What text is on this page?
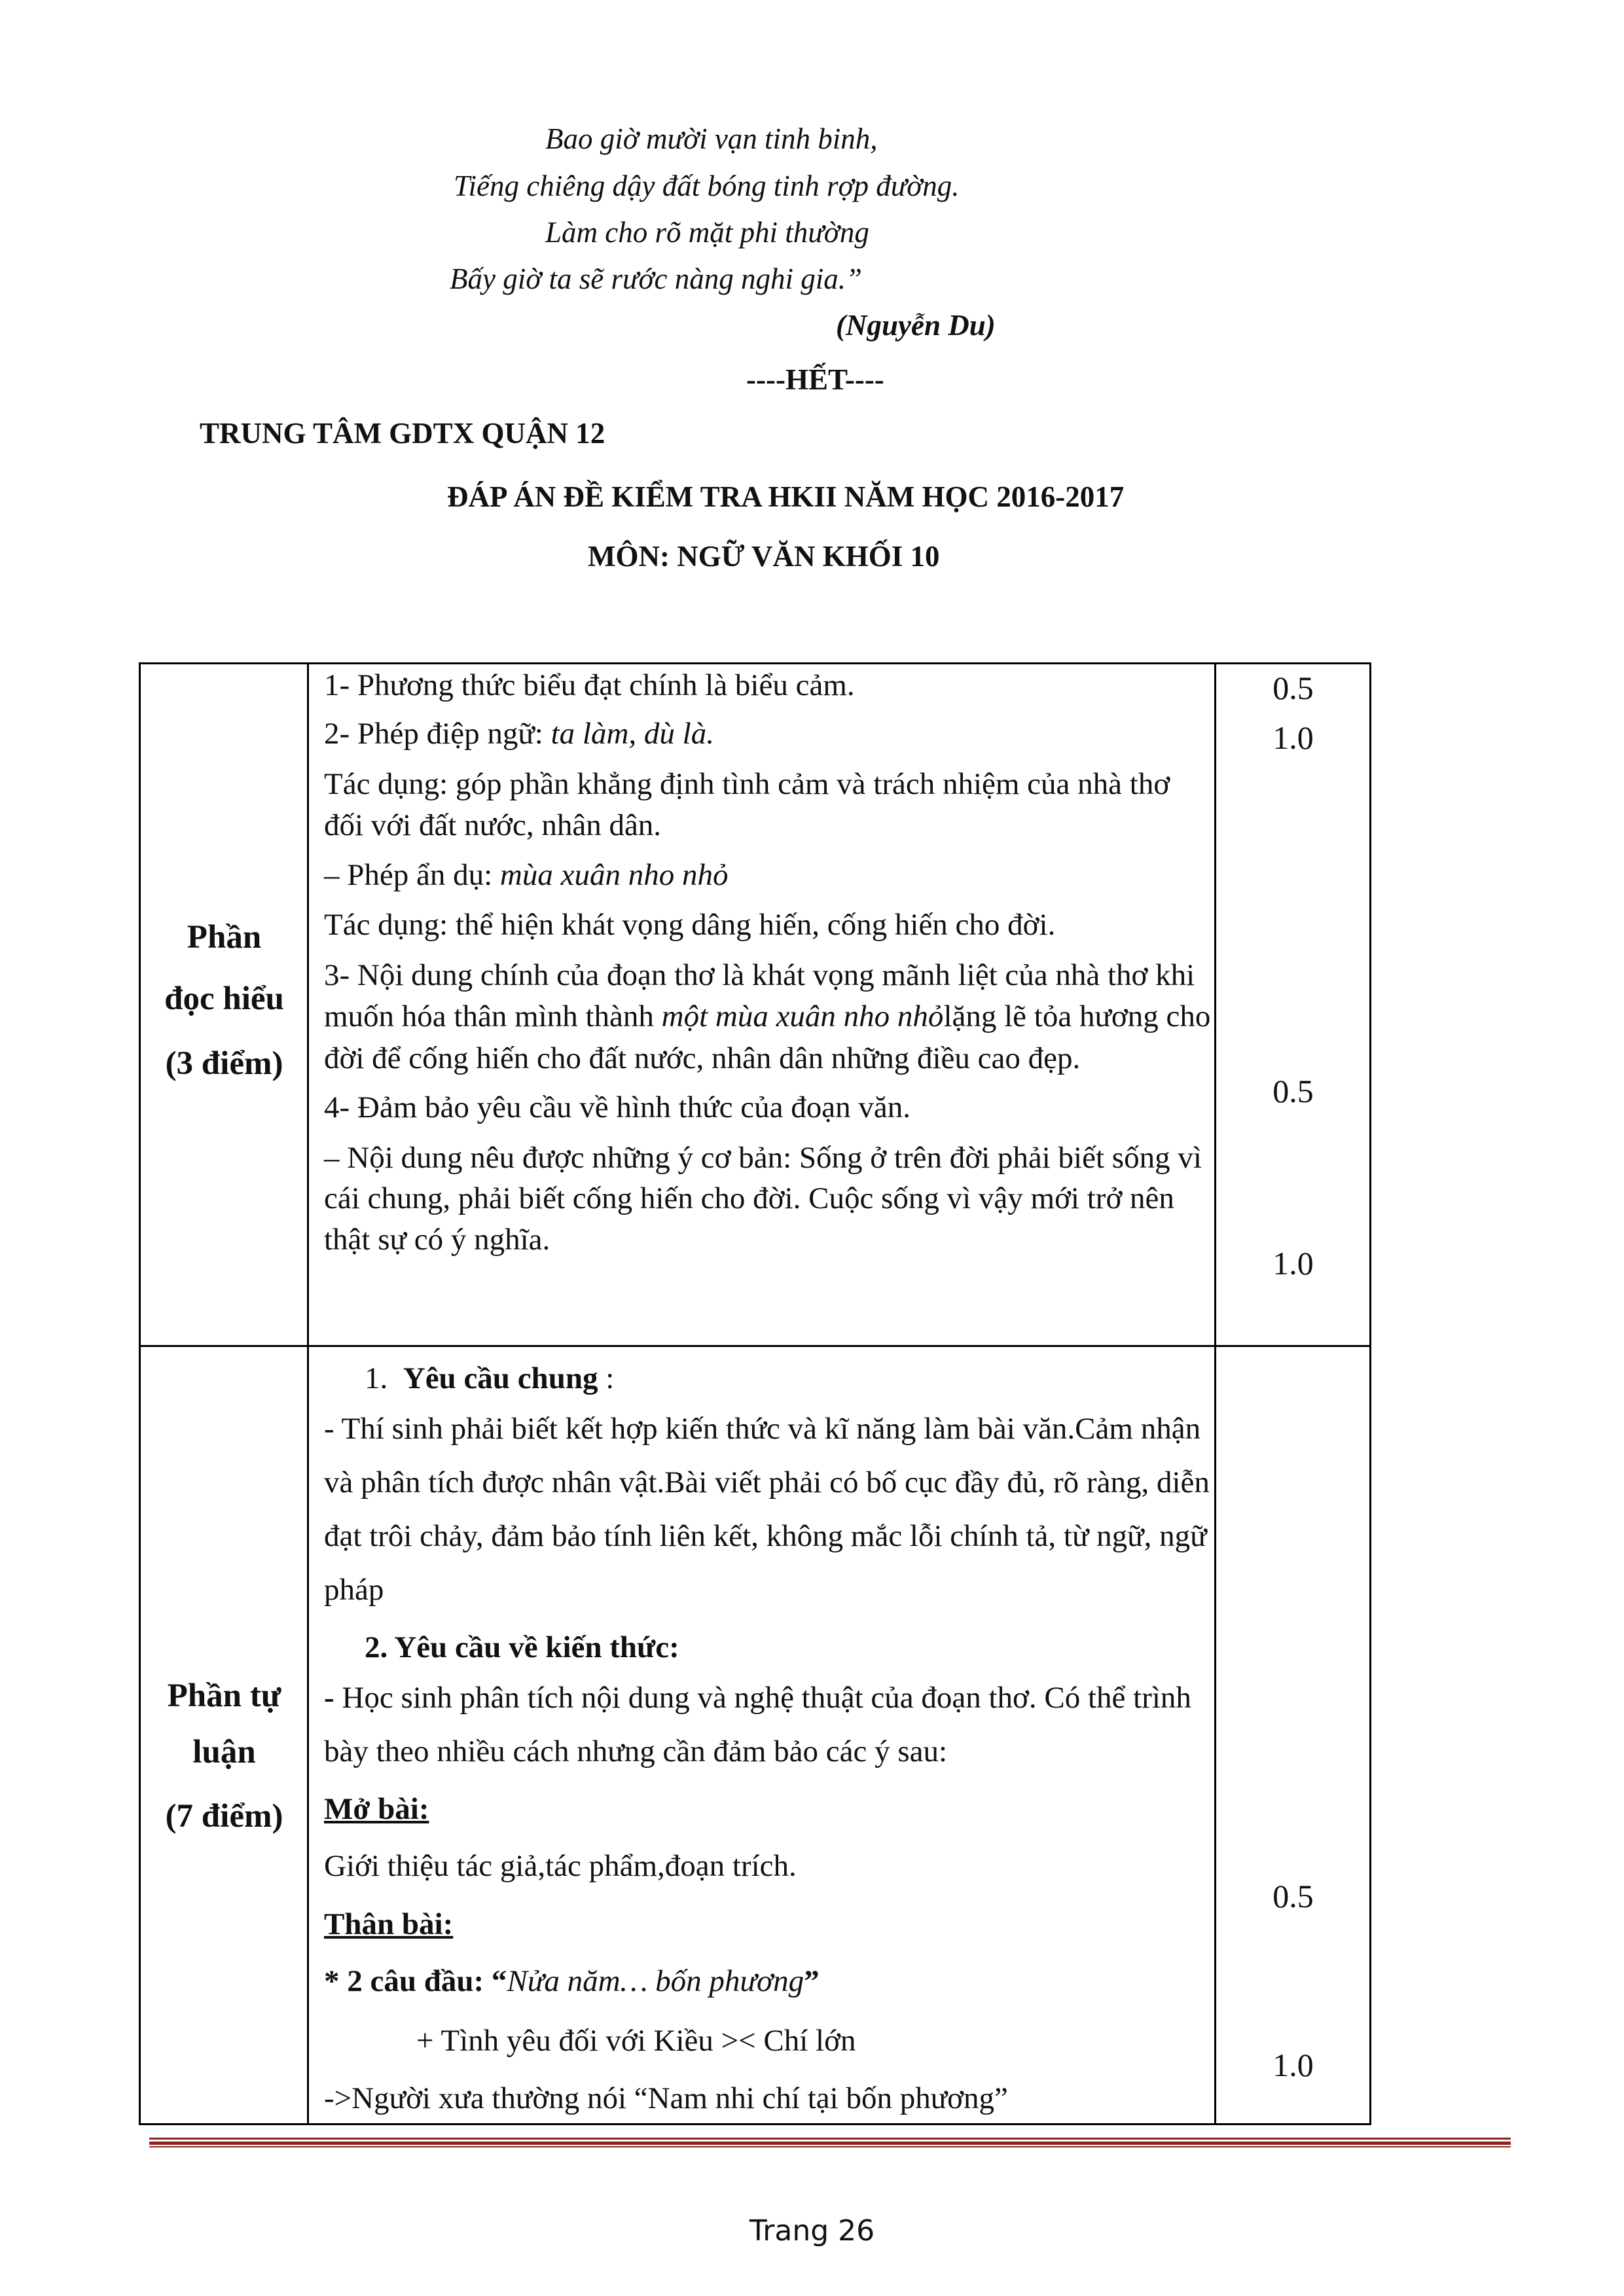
Bao giờ mười vạn tinh binh,
Tiếng chiêng dậy đất bóng tinh rợp đường.
Làm cho rõ mặt phi thường
Bấy giờ ta sẽ rước nàng nghi gia.”
(Nguyễn Du)
----HẾT----
TRUNG TÂM GDTX QUẬN 12
ĐÁP ÁN ĐỀ KIỂM TRA HKII NĂM HỌC 2016-2017
MÔN: NGỮ VĂN KHỐI 10
Phần
đọc hiểu
(3 điểm)
1- Phương thức biểu đạt chính là biểu cảm.
2- Phép điệp ngữ: ta làm, dù là.
Tác dụng: góp phần khẳng định tình cảm và trách nhiệm của nhà thơ
đối với đất nước, nhân dân.
– Phép ẩn dụ: mùa xuân nho nhỏ
Tác dụng: thể hiện khát vọng dâng hiến, cống hiến cho đời.
3- Nội dung chính của đoạn thơ là khát vọng mãnh liệt của nhà thơ khi
muốn hóa thân mình thành một mùa xuân nho nhỏlặng lẽ tỏa hương cho
đời để cống hiến cho đất nước, nhân dân những điều cao đẹp.
4- Đảm bảo yêu cầu về hình thức của đoạn văn.
– Nội dung nêu được những ý cơ bản: Sống ở trên đời phải biết sống vì
cái chung, phải biết cống hiến cho đời. Cuộc sống vì vậy mới trở nên
thật sự có ý nghĩa.
0.5
1.0
0.5
1.0
Phần tự
luận
(7 điểm)
1. Yêu cầu chung :
- Thí sinh phải biết kết hợp kiến thức và kĩ năng làm bài văn.Cảm nhận
và phân tích được nhân vật.Bài viết phải có bố cục đầy đủ, rõ ràng, diễn
đạt trôi chảy, đảm bảo tính liên kết, không mắc lỗi chính tả, từ ngữ, ngữ
pháp
2. Yêu cầu về kiến thức:
- Học sinh phân tích nội dung và nghệ thuật của đoạn thơ. Có thể trình
bày theo nhiều cách nhưng cần đảm bảo các ý sau:
Mở bài:
Giới thiệu tác giả,tác phẩm,đoạn trích.
Thân bài:
* 2 câu đầu: “Nửa năm… bốn phương”
+ Tình yêu đối với Kiều >< Chí lớn
->Người xưa thường nói “Nam nhi chí tại bốn phương”
0.5
1.0
Trang 26
